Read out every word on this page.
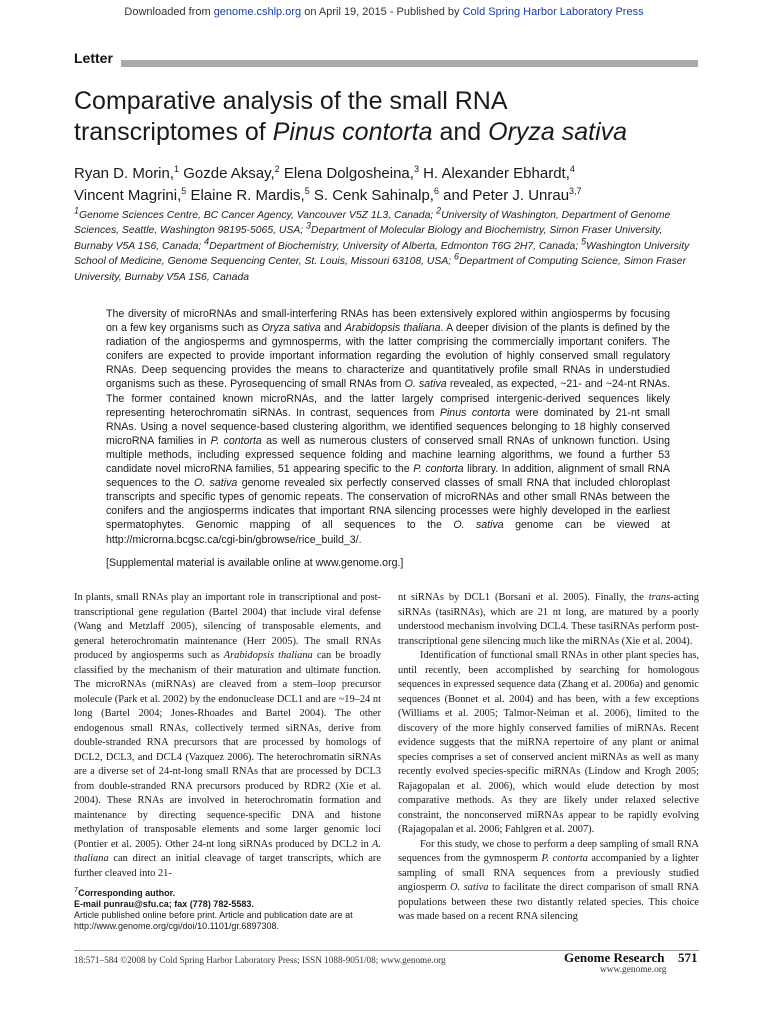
Downloaded from genome.cshlp.org on April 19, 2015 - Published by Cold Spring Harbor Laboratory Press
Letter
Comparative analysis of the small RNA
transcriptomes of Pinus contorta and Oryza sativa
Ryan D. Morin,$^1$ Gozde Aksay,$^2$ Elena Dolgosheina,$^3$ H. Alexander Ebhardt,$^4$
Vincent Magrini,$^5$ Elaine R. Mardis,$^5$ S. Cenk Sahinalp,$^6$ and Peter J. Unrau$^{3,7}$
$^1$Genome Sciences Centre, BC Cancer Agency, Vancouver V5Z 1L3, Canada; $^2$University of Washington, Department of Genome Sciences, Seattle, Washington 98195-5065, USA; $^3$Department of Molecular Biology and Biochemistry, Simon Fraser University, Burnaby V5A 1S6, Canada; $^4$Department of Biochemistry, University of Alberta, Edmonton T6G 2H7, Canada; $^5$Washington University School of Medicine, Genome Sequencing Center, St. Louis, Missouri 63108, USA; $^6$Department of Computing Science, Simon Fraser University, Burnaby V5A 1S6, Canada
The diversity of microRNAs and small-interfering RNAs has been extensively explored within angiosperms by focusing on a few key organisms such as Oryza sativa and Arabidopsis thaliana. A deeper division of the plants is defined by the radiation of the angiosperms and gymnosperms, with the latter comprising the commercially important conifers. The conifers are expected to provide important information regarding the evolution of highly conserved small regulatory RNAs. Deep sequencing provides the means to characterize and quantitatively profile small RNAs in understudied organisms such as these. Pyrosequencing of small RNAs from O. sativa revealed, as expected, ~21- and ~24-nt RNAs. The former contained known microRNAs, and the latter largely comprised intergenic-derived sequences likely representing heterochromatin siRNAs. In contrast, sequences from Pinus contorta were dominated by 21-nt small RNAs. Using a novel sequence-based clustering algorithm, we identified sequences belonging to 18 highly conserved microRNA families in P. contorta as well as numerous clusters of conserved small RNAs of unknown function. Using multiple methods, including expressed sequence folding and machine learning algorithms, we found a further 53 candidate novel microRNA families, 51 appearing specific to the P. contorta library. In addition, alignment of small RNA sequences to the O. sativa genome revealed six perfectly conserved classes of small RNA that included chloroplast transcripts and specific types of genomic repeats. The conservation of microRNAs and other small RNAs between the conifers and the angiosperms indicates that important RNA silencing processes were highly developed in the earliest spermatophytes. Genomic mapping of all sequences to the O. sativa genome can be viewed at http://microrna.bcgsc.ca/cgi-bin/gbrowse/rice_build_3/.
[Supplemental material is available online at www.genome.org.]

In plants, small RNAs play an important role in transcriptional and post-transcriptional gene regulation (Bartel 2004) that include viral defense (Wang and Metzlaff 2005), silencing of transposable elements, and general heterochromatin maintenance (Herr 2005). The small RNAs produced by angiosperms such as Arabidopsis thaliana can be broadly classified by the mechanism of their maturation and ultimate function. The microRNAs (miRNAs) are cleaved from a stem–loop precursor molecule (Park et al. 2002) by the endonuclease DCL1 and are ~19–24 nt long (Bartel 2004; Jones-Rhoades and Bartel 2004). The other endogenous small RNAs, collectively termed siRNAs, derive from double-stranded RNA precursors that are processed by homologs of DCL2, DCL3, and DCL4 (Vazquez 2006). The heterochromatin siRNAs are a diverse set of 24-nt-long small RNAs that are processed by DCL3 from double-stranded RNA precursors produced by RDR2 (Xie et al. 2004). These RNAs are involved in heterochromatin formation and maintenance by directing sequence-specific DNA and histone methylation of transposable elements and some larger genomic loci (Pontier et al. 2005). Other 24-nt long siRNAs produced by DCL2 in A. thaliana can direct an initial cleavage of target transcripts, which are further cleaved into 21-

nt siRNAs by DCL1 (Borsani et al. 2005). Finally, the trans-acting siRNAs (tasiRNAs), which are 21 nt long, are matured by a poorly understood mechanism involving DCL4. These tasiRNAs perform post-transcriptional gene silencing much like the miRNAs (Xie et al. 2004).

Identification of functional small RNAs in other plant species has, until recently, been accomplished by searching for homologous sequences in expressed sequence data (Zhang et al. 2006a) and genomic sequences (Bonnet et al. 2004) and has been, with a few exceptions (Williams et al. 2005; Talmor-Neiman et al. 2006), limited to the discovery of the more highly conserved families of miRNAs. Recent evidence suggests that the miRNA repertoire of any plant or animal species comprises a set of conserved ancient miRNAs as well as many recently evolved species-specific miRNAs (Lindow and Krogh 2005; Rajagopalan et al. 2006), which would elude detection by most comparative methods. As they are likely under relaxed selective constraint, the nonconserved miRNAs appear to be rapidly evolving (Rajagopalan et al. 2006; Fahlgren et al. 2007).

For this study, we chose to perform a deep sampling of small RNA sequences from the gymnosperm P. contorta accompanied by a lighter sampling of small RNA sequences from a previously studied angiosperm O. sativa to facilitate the direct comparison of small RNA populations between these two distantly related species. This choice was made based on a recent RNA silencing

$^7$Corresponding author.
E-mail punrau@sfu.ca; fax (778) 782-5583.
Article published online before print. Article and publication date are at http://www.genome.org/cgi/doi/10.1101/gr.6897308.
18:571–584 ©2008 by Cold Spring Harbor Laboratory Press; ISSN 1088-9051/08; www.genome.org	Genome Research 571
www.genome.org
